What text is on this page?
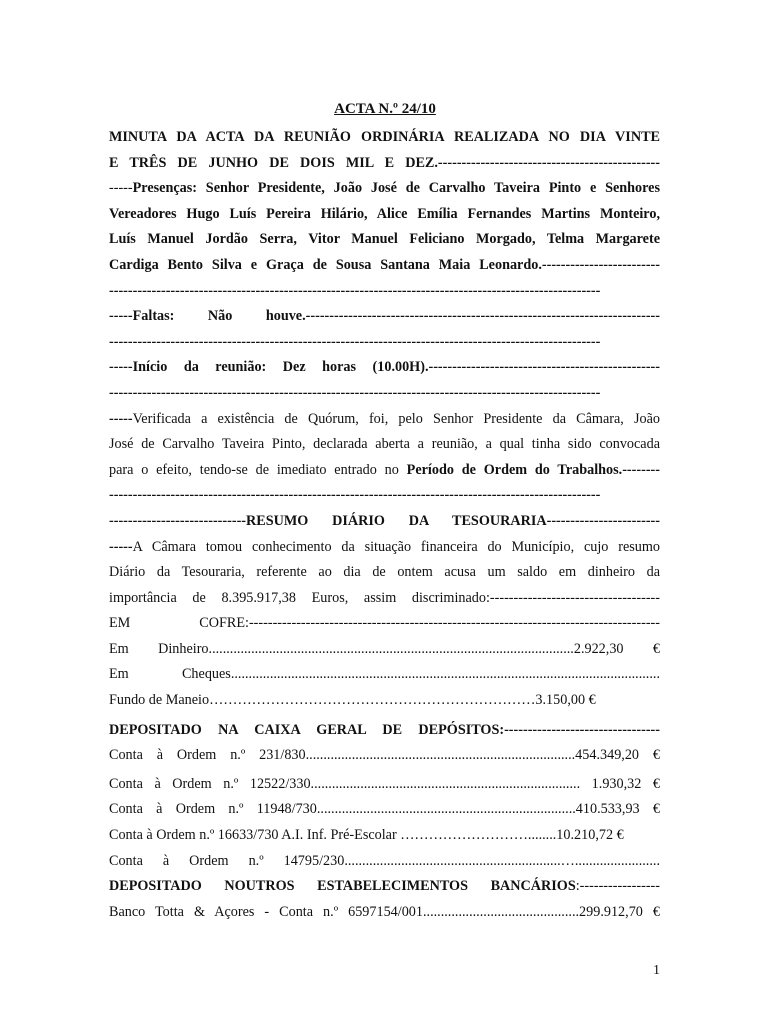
ACTA N.º 24/10
MINUTA DA ACTA DA REUNIÃO ORDINÁRIA REALIZADA NO DIA VINTE
E TRÊS DE JUNHO DE DOIS MIL E DEZ.-----------------------------------------------
-----Presenças: Senhor Presidente, João José de Carvalho Taveira Pinto e Senhores
Vereadores Hugo Luís Pereira Hilário, Alice Emília Fernandes Martins Monteiro,
Luís Manuel Jordão Serra, Vitor Manuel Feliciano Morgado, Telma Margarete
Cardiga Bento Silva e Graça de Sousa Santana Maia Leonardo.-------------------------
--------------------------------------------------------------------------------------------------------
-----Faltas: Não houve.---------------------------------------------------------------------------
--------------------------------------------------------------------------------------------------------
-----Início da reunião: Dez horas (10.00H).-------------------------------------------------
--------------------------------------------------------------------------------------------------------
-----Verificada a existência de Quórum, foi, pelo Senhor Presidente da Câmara, João
José de Carvalho Taveira Pinto, declarada aberta a reunião, a qual tinha sido convocada
para o efeito, tendo-se de imediato entrado no Período de Ordem do Trabalhos.--------
--------------------------------------------------------------------------------------------------------
-----------------------------RESUMO DIÁRIO DA TESOURARIA------------------------
-----A Câmara tomou conhecimento da situação financeira do Município, cujo resumo
Diário da Tesouraria, referente ao dia de ontem acusa um saldo em dinheiro da
importância de 8.395.917,38 Euros, assim discriminado:------------------------------------
EM COFRE:---------------------------------------------------------------------------------------
Em Dinheiro.......................................................................................................2.922,30 €
Em Cheques.........................................................................................................................
Fundo de Maneio……………………………………………………………3.150,00 €
DEPOSITADO NA CAIXA GERAL DE DEPÓSITOS:---------------------------------
Conta à Ordem n.º 231/830............................................................................454.349,20 €
Conta à Ordem n.º 12522/330............................................................................ 1.930,32 €
Conta à Ordem n.º 11948/730.........................................................................410.533,93 €
Conta à Ordem n.º 16633/730 A.I. Inf. Pré-Escolar ………………………........10.210,72 €
Conta à Ordem n.º 14795/230.............................................................…........................
DEPOSITADO NOUTROS ESTABELECIMENTOS BANCÁRIOS:-----------------
Banco Totta & Açores - Conta n.º 6597154/001............................................299.912,70 €
1
